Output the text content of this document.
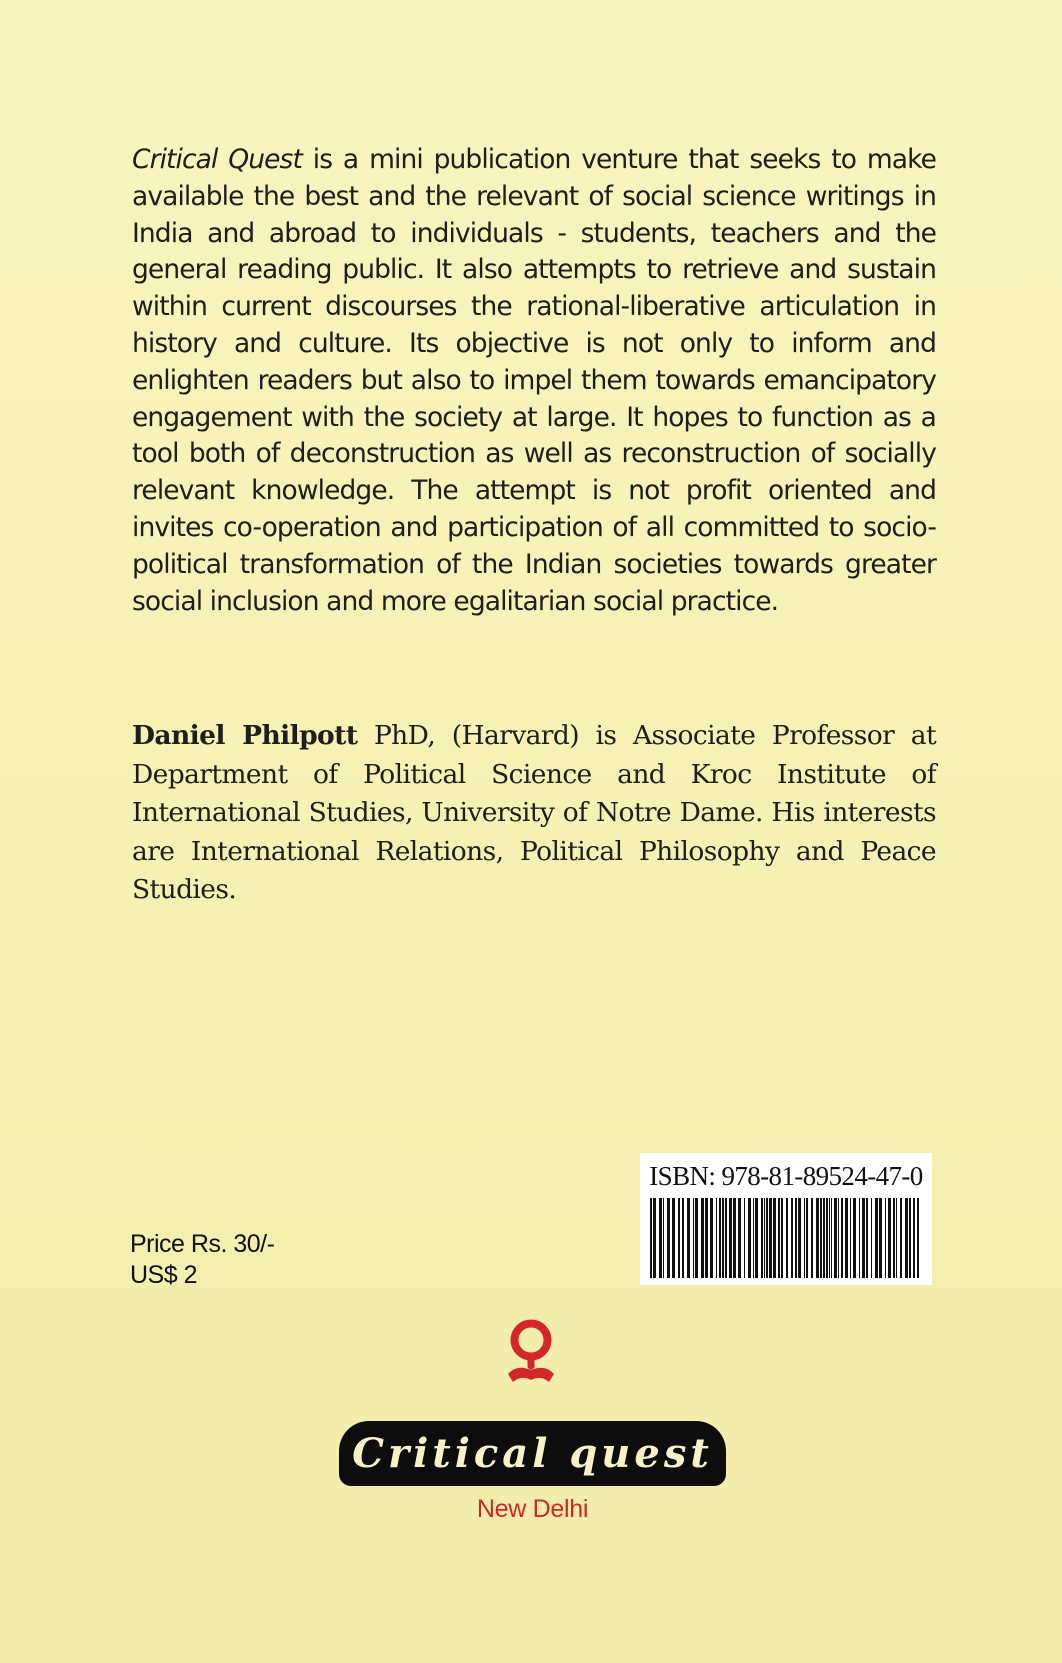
Critical Quest is a mini publication venture that seeks to make available the best and the relevant of social science writings in India and abroad to individuals - students, teachers and the general reading public. It also attempts to retrieve and sustain within current discourses the rational-liberative articulation in history and culture. Its objective is not only to inform and enlighten readers but also to impel them towards emancipatory engagement with the society at large. It hopes to function as a tool both of deconstruction as well as reconstruction of socially relevant knowledge. The attempt is not profit oriented and invites co-operation and participation of all committed to socio-political transformation of the Indian societies towards greater social inclusion and more egalitarian social practice.

Daniel Philpott PhD, (Harvard) is Associate Professor at Department of Political Science and Kroc Institute of International Studies, University of Notre Dame. His interests are International Relations, Political Philosophy and Peace Studies.

ISBN: 978-81-89524-47-0
Price Rs. 30/-
US$ 2
Critical quest
New Delhi
